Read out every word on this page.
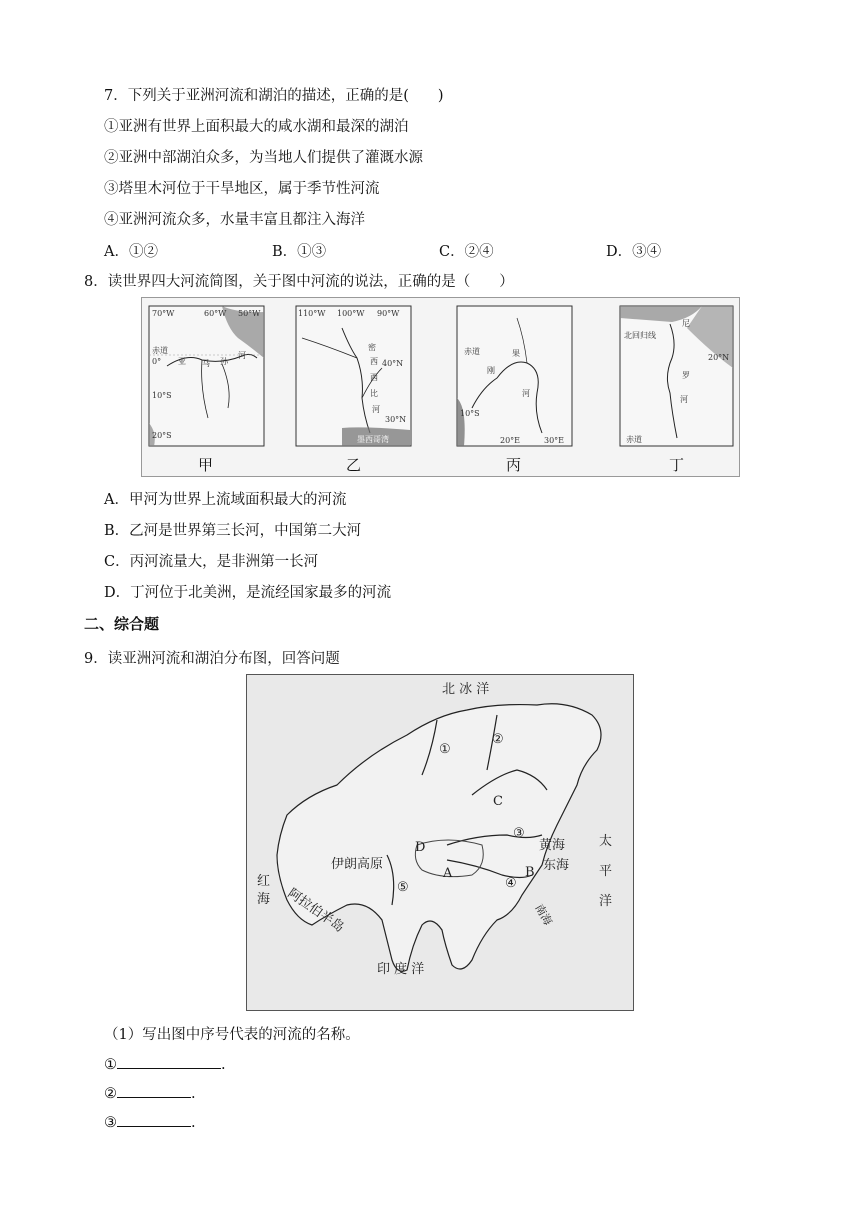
7．下列关于亚洲河流和湖泊的描述，正确的是(　　)
①亚洲有世界上面积最大的咸水湖和最深的湖泊
②亚洲中部湖泊众多，为当地人们提供了灌溉水源
③塔里木河位于干旱地区，属于季节性河流
④亚洲河流众多，水量丰富且都注入海洋
A．①②	B．①③	C．②④	D．③④
8．读世界四大河流简图，关于图中河流的说法，正确的是（　　）
70°W	60°W 50°W
赤道
0° 亚 马 孙
河
10°S
20°S
110°W 100°W 90°W
40°N
30°N
密
西
西
比
河
墨西哥湾
赤道
刚
果
河
10°S
20°E	30°E
北回归线
20°N
尼
罗
河
赤道
甲	乙	丙	丁
A．甲河为世界上流域面积最大的河流
B．乙河是世界第三长河，中国第二大河
C．丙河流量大，是非洲第一长河
D．丁河位于北美洲，是流经国家最多的河流
二、综合题
9．读亚洲河流和湖泊分布图，回答问题
北 冰 洋
太
平
洋
印 度 洋
红
海 阿拉伯半岛
伊朗高原
黄海
东海
南海
①
②
③
④
⑤
A	B
C
D
（1）写出图中序号代表的河流的名称。
①	.
②	.
③	.
